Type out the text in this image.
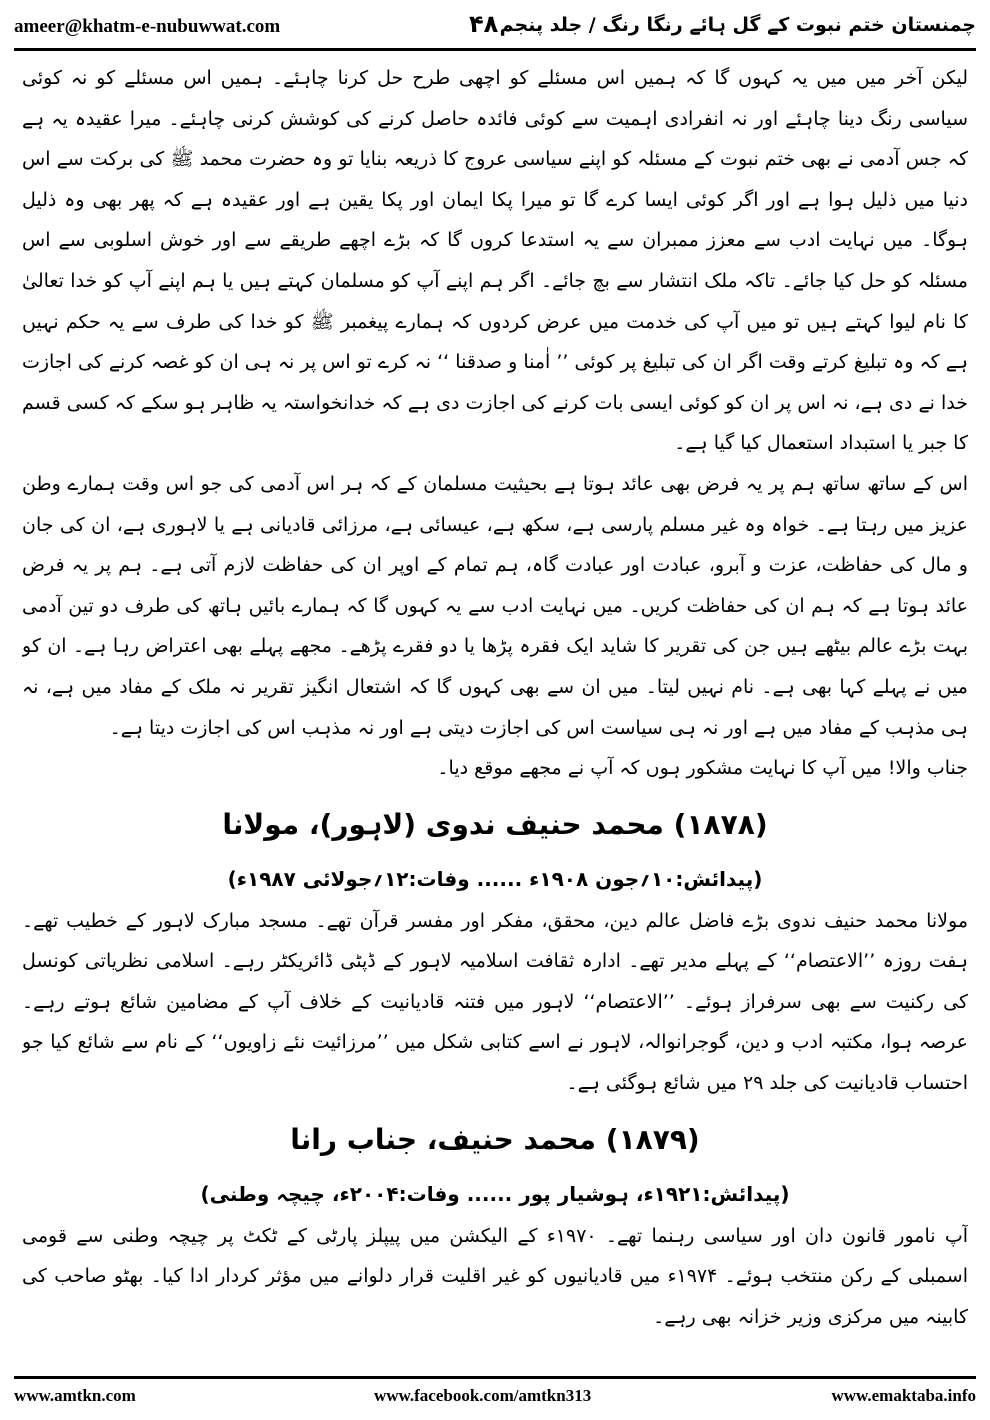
ameer@khatm-e-nubuwwat.com	۴۸ چمنستان ختم نبوت کے گل ہائے رنگا رنگ / جلد پنجم

لیکن آخر میں میں یہ کہوں گا کہ ہمیں اس مسئلے کو اچھی طرح حل کرنا چاہئے۔ ہمیں اس مسئلے کو نہ کوئی سیاسی رنگ دینا چاہئے اور نہ انفرادی اہمیت سے کوئی فائدہ حاصل کرنے کی کوشش کرنی چاہئے۔ میرا عقیدہ یہ ہے کہ جس آدمی نے بھی ختم نبوت کے مسئلہ کو اپنے سیاسی عروج کا ذریعہ بنایا تو وہ حضرت محمد ﷺ کی برکت سے اس دنیا میں ذلیل ہوا ہے اور اگر کوئی ایسا کرے گا تو میرا پکا ایمان اور پکا یقین ہے اور عقیدہ ہے کہ پھر بھی وہ ذلیل ہوگا۔ میں نہایت ادب سے معزز ممبران سے یہ استدعا کروں گا کہ بڑے اچھے طریقے سے اور خوش اسلوبی سے اس مسئلہ کو حل کیا جائے۔ تاکہ ملک انتشار سے بچ جائے۔ اگر ہم اپنے آپ کو مسلمان کہتے ہیں یا ہم اپنے آپ کو خدا تعالیٰ کا نام لیوا کہتے ہیں تو میں آپ کی خدمت میں عرض کردوں کہ ہمارے پیغمبر ﷺ کو خدا کی طرف سے یہ حکم نہیں ہے کہ وہ تبلیغ کرتے وقت اگر ان کی تبلیغ پر کوئی ’’ اٰمنا و صدقنا ‘‘ نہ کرے تو اس پر نہ ہی ان کو غصہ کرنے کی اجازت خدا نے دی ہے، نہ اس پر ان کو کوئی ایسی بات کرنے کی اجازت دی ہے کہ خدانخواستہ یہ ظاہر ہو سکے کہ کسی قسم کا جبر یا استبداد استعمال کیا گیا ہے۔

اس کے ساتھ ساتھ ہم پر یہ فرض بھی عائد ہوتا ہے بحیثیت مسلمان کے کہ ہر اس آدمی کی جو اس وقت ہمارے وطن عزیز میں رہتا ہے۔ خواہ وہ غیر مسلم پارسی ہے، سکھ ہے، عیسائی ہے، مرزائی قادیانی ہے یا لاہوری ہے، ان کی جان و مال کی حفاظت، عزت و آبرو، عبادت اور عبادت گاہ، ہم تمام کے اوپر ان کی حفاظت لازم آتی ہے۔ ہم پر یہ فرض عائد ہوتا ہے کہ ہم ان کی حفاظت کریں۔ میں نہایت ادب سے یہ کہوں گا کہ ہمارے بائیں ہاتھ کی طرف دو تین آدمی بہت بڑے عالم بیٹھے ہیں جن کی تقریر کا شاید ایک فقرہ پڑھا یا دو فقرے پڑھے۔ مجھے پہلے بھی اعتراض رہا ہے۔ ان کو میں نے پہلے کہا بھی ہے۔ نام نہیں لیتا۔ میں ان سے بھی کہوں گا کہ اشتعال انگیز تقریر نہ ملک کے مفاد میں ہے، نہ ہی مذہب کے مفاد میں ہے اور نہ ہی سیاست اس کی اجازت دیتی ہے اور نہ مذہب اس کی اجازت دیتا ہے۔

جناب والا! میں آپ کا نہایت مشکور ہوں کہ آپ نے مجھے موقع دیا۔

(۱۸۷۸) محمد حنیف ندوی (لاہور)، مولانا
(پیدائش:۱۰؍جون ۱۹۰۸ء ...... وفات:۱۲؍جولائی ۱۹۸۷ء)

مولانا محمد حنیف ندوی بڑے فاضل عالم دین، محقق، مفکر اور مفسر قرآن تھے۔ مسجد مبارک لاہور کے خطیب تھے۔ ہفت روزہ ’’الاعتصام‘‘ کے پہلے مدیر تھے۔ ادارہ ثقافت اسلامیہ لاہور کے ڈپٹی ڈائریکٹر رہے۔ اسلامی نظریاتی کونسل کی رکنیت سے بھی سرفراز ہوئے۔ ’’الاعتصام‘‘ لاہور میں فتنہ قادیانیت کے خلاف آپ کے مضامین شائع ہوتے رہے۔ عرصہ ہوا، مکتبہ ادب و دین، گوجرانوالہ، لاہور نے اسے کتابی شکل میں ’’مرزائیت نئے زاویوں‘‘ کے نام سے شائع کیا جو احتساب قادیانیت کی جلد ۲۹ میں شائع ہوگئی ہے۔

(۱۸۷۹) محمد حنیف، جناب رانا
(پیدائش:۱۹۲۱ء، ہوشیار پور ...... وفات:۲۰۰۴ء، چیچہ وطنی)

آپ نامور قانون دان اور سیاسی رہنما تھے۔ ۱۹۷۰ء کے الیکشن میں پیپلز پارٹی کے ٹکٹ پر چیچہ وطنی سے قومی اسمبلی کے رکن منتخب ہوئے۔ ۱۹۷۴ء میں قادیانیوں کو غیر اقلیت قرار دلوانے میں مؤثر کردار ادا کیا۔ بھٹو صاحب کی کابینہ میں مرکزی وزیر خزانہ بھی رہے۔

www.amtkn.com	www.facebook.com/amtkn313	www.emaktaba.info
